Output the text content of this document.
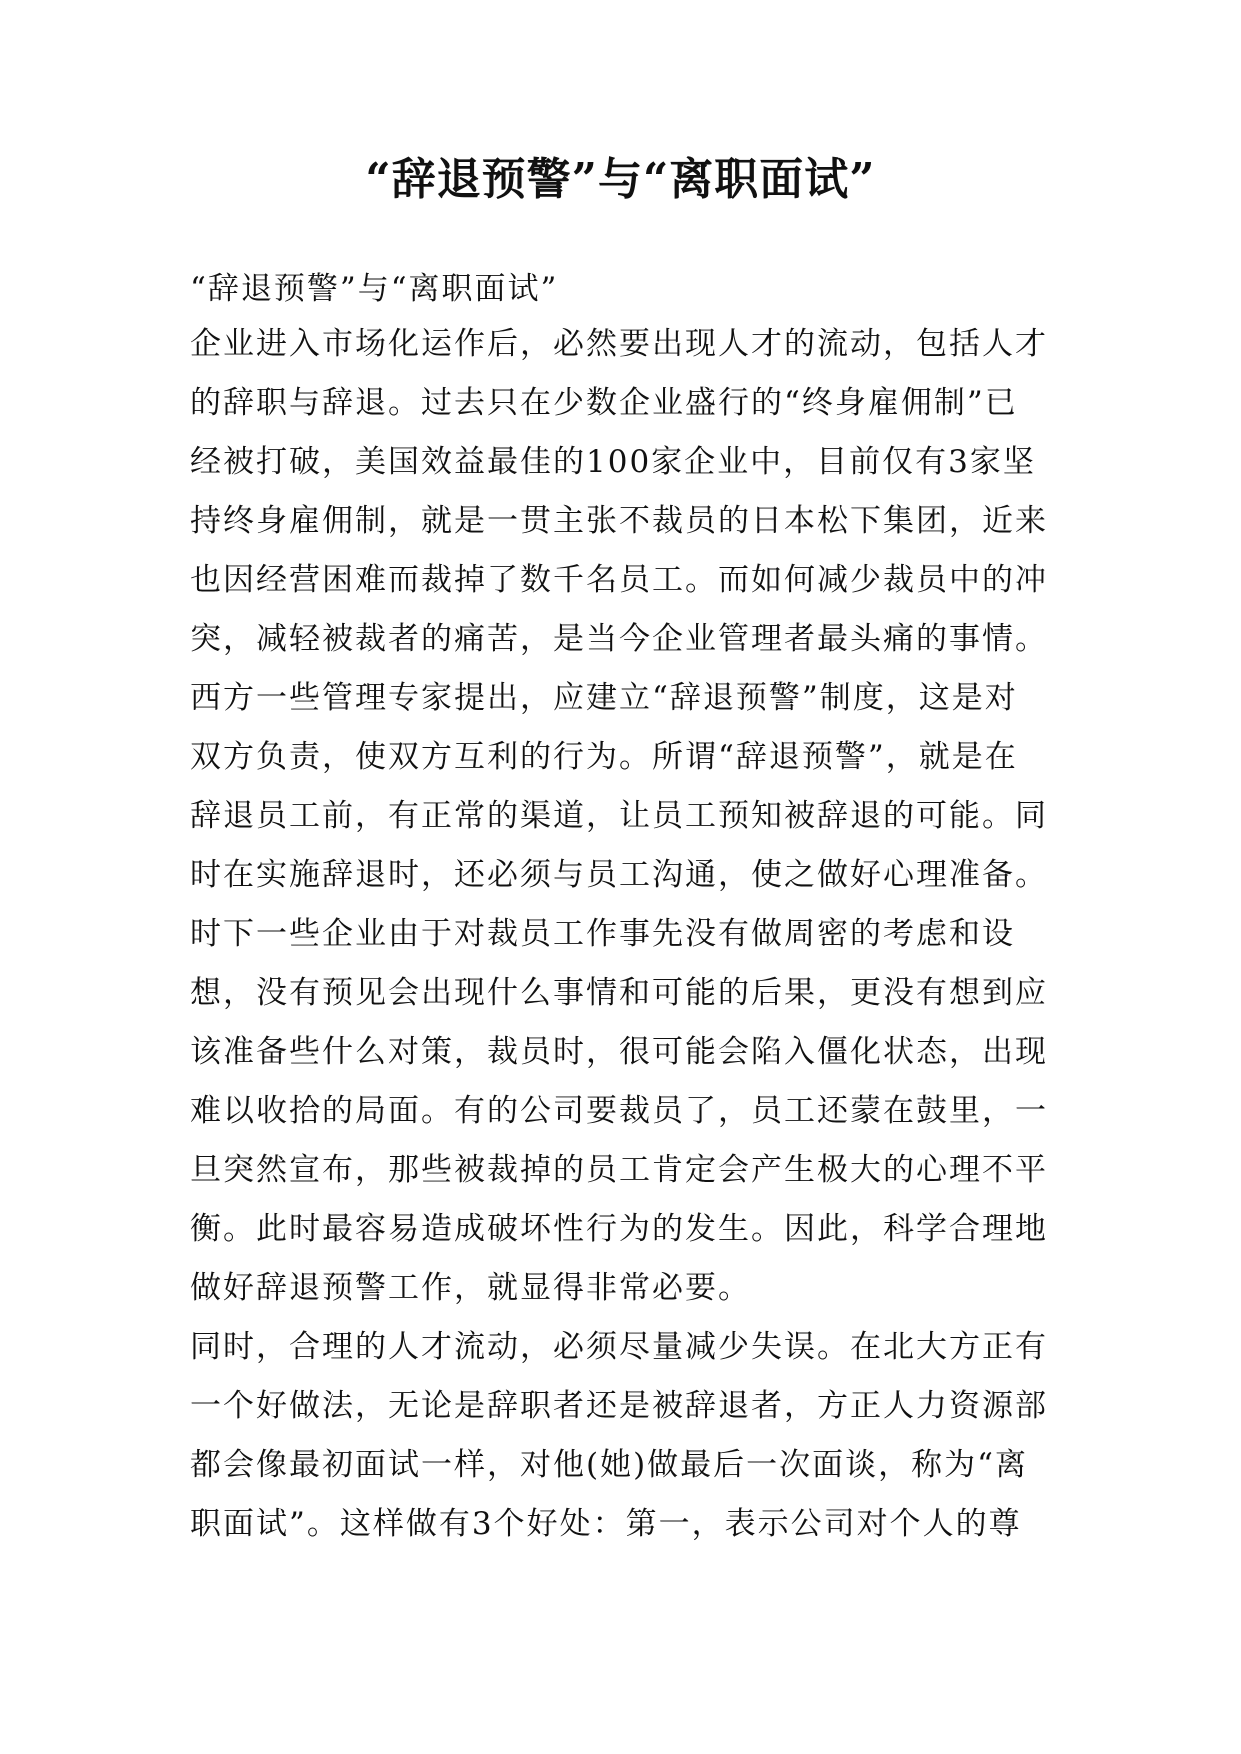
“辞退预警”与“离职面试”
“辞退预警”与“离职面试”
企业进入市场化运作后，必然要出现人才的流动，包括人才
的辞职与辞退。过去只在少数企业盛行的“终身雇佣制”已
经被打破，美国效益最佳的100家企业中，目前仅有3家坚
持终身雇佣制，就是一贯主张不裁员的日本松下集团，近来
也因经营困难而裁掉了数千名员工。而如何减少裁员中的冲
突，减轻被裁者的痛苦，是当今企业管理者最头痛的事情。
西方一些管理专家提出，应建立“辞退预警”制度，这是对
双方负责，使双方互利的行为。所谓“辞退预警”，就是在
辞退员工前，有正常的渠道，让员工预知被辞退的可能。同
时在实施辞退时，还必须与员工沟通，使之做好心理准备。
时下一些企业由于对裁员工作事先没有做周密的考虑和设
想，没有预见会出现什么事情和可能的后果，更没有想到应
该准备些什么对策，裁员时，很可能会陷入僵化状态，出现
难以收拾的局面。有的公司要裁员了，员工还蒙在鼓里，一
旦突然宣布，那些被裁掉的员工肯定会产生极大的心理不平
衡。此时最容易造成破坏性行为的发生。因此，科学合理地
做好辞退预警工作，就显得非常必要。
同时，合理的人才流动，必须尽量减少失误。在北大方正有
一个好做法，无论是辞职者还是被辞退者，方正人力资源部
都会像最初面试一样，对他(她)做最后一次面谈，称为“离
职面试”。这样做有3个好处：第一，表示公司对个人的尊
